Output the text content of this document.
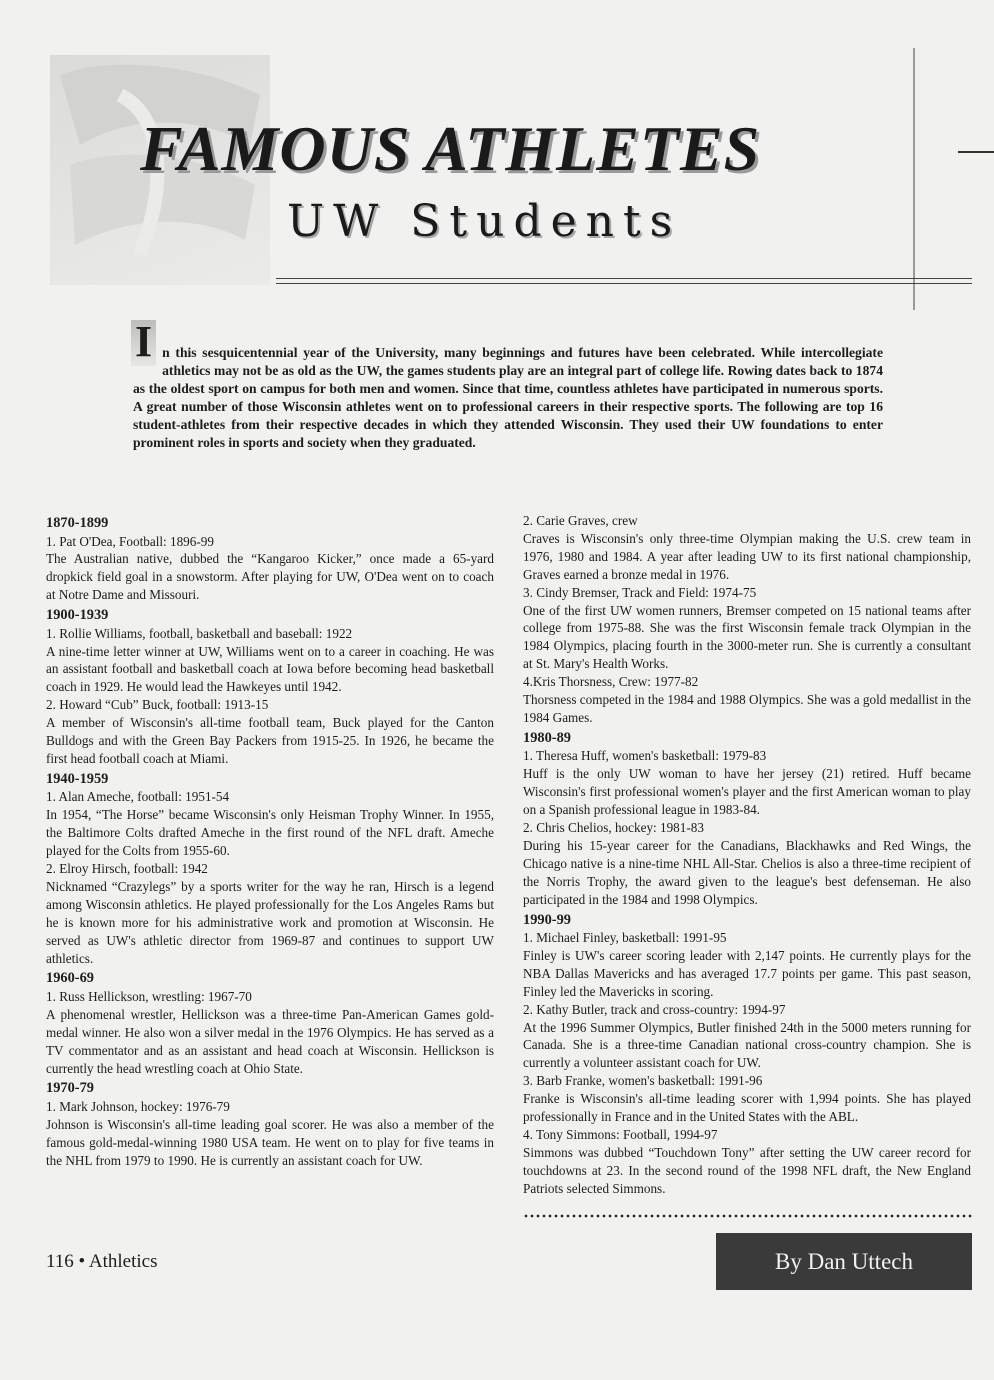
FAMOUS ATHLETES
UW Students
I n this sesquicentennial year of the University, many beginnings and futures have been celebrated. While intercollegiate athletics may not be as old as the UW, the games students play are an integral part of college life. Rowing dates back to 1874 as the oldest sport on campus for both men and women. Since that time, countless athletes have participated in numerous sports. A great number of those Wisconsin athletes went on to professional careers in their respective sports. The following are top 16 student-athletes from their respective decades in which they attended Wisconsin. They used their UW foundations to enter prominent roles in sports and society when they graduated.
1870-1899
1. Pat O'Dea, Football: 1896-99

The Australian native, dubbed the “Kangaroo Kicker,” once made a 65-yard dropkick field goal in a snowstorm. After playing for UW, O'Dea went on to coach at Notre Dame and Missouri.

1900-1939
1. Rollie Williams, football, basketball and baseball: 1922

A nine-time letter winner at UW, Williams went on to a career in coaching. He was an assistant football and basketball coach at Iowa before becoming head basketball coach in 1929. He would lead the Hawkeyes until 1942.

2. Howard “Cub” Buck, football: 1913-15

A member of Wisconsin's all-time football team, Buck played for the Canton Bulldogs and with the Green Bay Packers from 1915-25. In 1926, he became the first head football coach at Miami.

1940-1959
1. Alan Ameche, football: 1951-54

In 1954, “The Horse” became Wisconsin's only Heisman Trophy Winner. In 1955, the Baltimore Colts drafted Ameche in the first round of the NFL draft. Ameche played for the Colts from 1955-60.

2. Elroy Hirsch, football: 1942

Nicknamed “Crazylegs” by a sports writer for the way he ran, Hirsch is a legend among Wisconsin athletics. He played professionally for the Los Angeles Rams but he is known more for his administrative work and promotion at Wisconsin. He served as UW's athletic director from 1969-87 and continues to support UW athletics.

1960-69
1. Russ Hellickson, wrestling: 1967-70

A phenomenal wrestler, Hellickson was a three-time Pan-American Games gold-medal winner. He also won a silver medal in the 1976 Olympics. He has served as a TV commentator and as an assistant and head coach at Wisconsin. Hellickson is currently the head wrestling coach at Ohio State.

1970-79
1. Mark Johnson, hockey: 1976-79

Johnson is Wisconsin's all-time leading goal scorer. He was also a member of the famous gold-medal-winning 1980 USA team. He went on to play for five teams in the NHL from 1979 to 1990. He is currently an assistant coach for UW.

2. Carie Graves, crew

Craves is Wisconsin's only three-time Olympian making the U.S. crew team in 1976, 1980 and 1984. A year after leading UW to its first national championship, Graves earned a bronze medal in 1976.

3. Cindy Bremser, Track and Field: 1974-75

One of the first UW women runners, Bremser competed on 15 national teams after college from 1975-88. She was the first Wisconsin female track Olympian in the 1984 Olympics, placing fourth in the 3000-meter run. She is currently a consultant at St. Mary's Health Works.

4.Kris Thorsness, Crew: 1977-82

Thorsness competed in the 1984 and 1988 Olympics. She was a gold medallist in the 1984 Games.

1980-89
1. Theresa Huff, women's basketball: 1979-83

Huff is the only UW woman to have her jersey (21) retired. Huff became Wisconsin's first professional women's player and the first American woman to play on a Spanish professional league in 1983-84.

2. Chris Chelios, hockey: 1981-83

During his 15-year career for the Canadians, Blackhawks and Red Wings, the Chicago native is a nine-time NHL All-Star. Chelios is also a three-time recipient of the Norris Trophy, the award given to the league's best defenseman. He also participated in the 1984 and 1998 Olympics.

1990-99
1. Michael Finley, basketball: 1991-95

Finley is UW's career scoring leader with 2,147 points. He currently plays for the NBA Dallas Mavericks and has averaged 17.7 points per game. This past season, Finley led the Mavericks in scoring.

2. Kathy Butler, track and cross-country: 1994-97

At the 1996 Summer Olympics, Butler finished 24th in the 5000 meters running for Canada. She is a three-time Canadian national cross-country champion. She is currently a volunteer assistant coach for UW.

3. Barb Franke, women's basketball: 1991-96

Franke is Wisconsin's all-time leading scorer with 1,994 points. She has played professionally in France and in the United States with the ABL.

4. Tony Simmons: Football, 1994-97

Simmons was dubbed “Touchdown Tony” after setting the UW career record for touchdowns at 23. In the second round of the 1998 NFL draft, the New England Patriots selected Simmons.

116 • Athletics	By Dan Uttech
